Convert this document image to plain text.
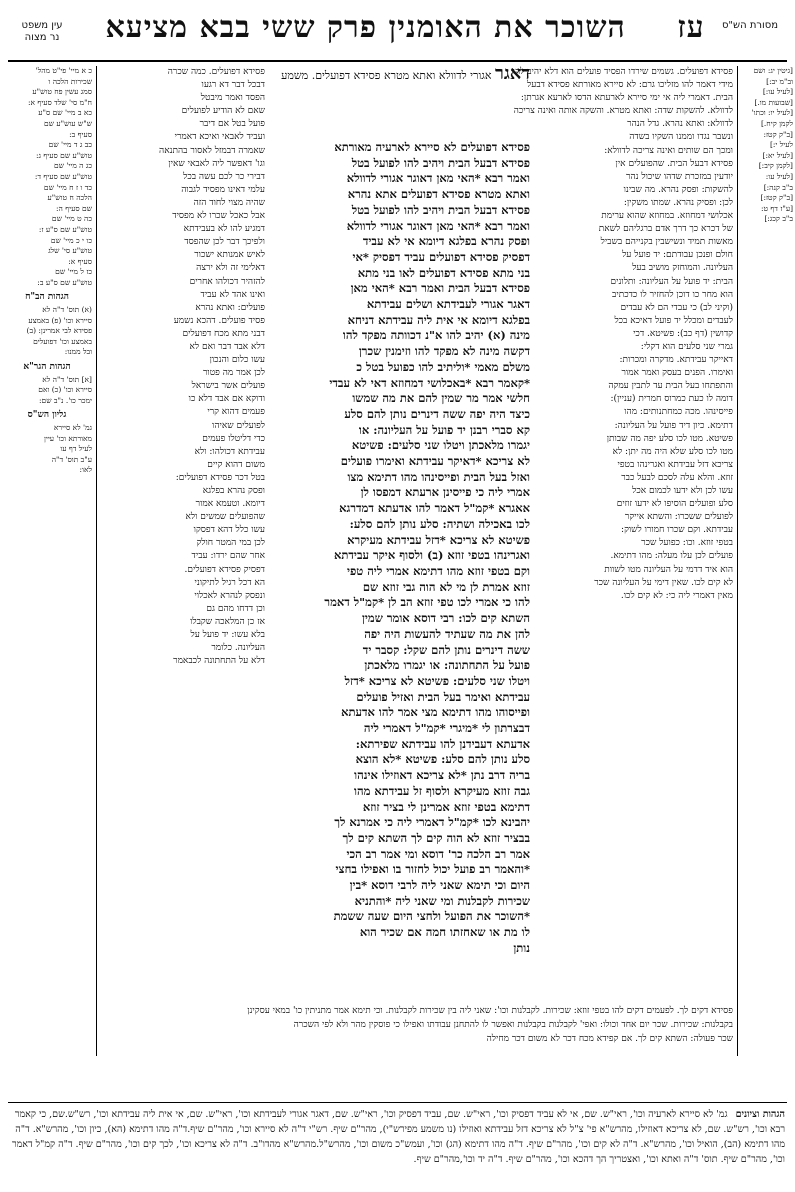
מסורת הש"ס
עז השוכר את האומנין פרק ששי בבא מציעא
עין משפט
נר מצוה
דאגר אגורי לדוולא ואתא מטרא פסידא דפועלים. משמע
פסידא דפועלים לא סיירא לארעיה מאורתא
פסידא דבעל הבית ויהיב להו לפועל בטל
ואמר רבא *האי מאן דאוגר אגורי לדוולא
ואתא מטרא פסידא דפועלים אתא נהרא
פסידא דבעל הבית ויהיב להו לפועל בטל
ואמר רבא *האי מאן דאוגר אגורי לדוולא
ופסק נהרא בפלגא דיומא אי לא עביד
דפסיק פסידא דפועלים עביד דפסיק *אי
בני מתא פסידא דפועלים לאו בני מתא
פסידא דבעל הבית ואמר רבא *האי מאן
דאגר אגורי לעבידתא ושלים עבידתא
בפלגא דיומא אי אית ליה עבידתא דניחא
מינה (א) יהיב להו א"נ דכוותה מפקד להו
דקשה מינה לא מפקד להו וזימנין שכרן
משלם מאמי *וליתיב להו כפועל בטל כ
*קאמר רבא *באכלושי דמחוזא דאי לא עבדי
חלשי אמר מר שמין להם את מה שמשו
כיצד היה יפה ששה דינרים נותן להם סלע
קא סברי רבנן יד פועל על העליונה: או
יגמרו מלאכתן ויטלו שני סלעים: פשיטא
לא צריכא *דאיקר עבידתא ואימרו פועלים
ואזל בעל הבית ופייסינהו מהו דתימא מצו
אמרי ליה כי פייסינן ארעתא דמפסו לן
אאגרא *קמ"ל דאמר להו אדעתא דמדרגא
לכו באכילה ושתיה: סלע נותן להם סלע:
פשיטא לא צריכא *דזל עבידתא מעיקרא
ואגרינהו בטפי זוזא (ב) ולסוף איקר עבידתא
וקם בטפי זוזא מהו דתימא אמרי ליה טפי
זוזא אמרת לן מי לא הוה גבי זוזא שם
להו כי אמרי לכו טפי זוזא הב לן *קמ"ל דאמר
השתא קים לכו: רבי דוסא אומר שמין
להן את מה שעתיד להעשות היה יפה
ששה דינרים נותן להם שקל: קסבר יד
פועל על התחתונה: או יגמרו מלאכתן
ויטלו שני סלעים: פשיטא לא צריכא *דזל
עבידתא ואימר בעל הבית ואזיל פועלים
ופייסוהו מהו דתימא מצי אמר להו אדעתא
דבצרתון לי *מיגרי *קמ"ל דאמרי ליה
אדעתא דעבידנן להו עבידתא שפירתא:
סלע נותן להם סלע: פשיטא *לא הוצא
בריה דרב נתן *לא צריכא דאוזילו אינהו
גבה זוזא מעיקרא ולסוף זל עבידתא מהו
דתימא בטפי זוזא אמרינן לי בציר זוזא
יהבינא לכו *קמ"ל דאמרי ליה כי אמרנא לך
בבציר זוזא לא הוה קים לך השתא קים לך
אמר רב הלכה כר' דוסא ומי אמר רב הכי
*והאמר רב פועל יכול לחזור בו ואפילו בחצי
היום וכי תימא שאני ליה לרבי דוסא *בין
שכירות לקבלנות ומי שאני ליה *והתניא
*השוכר את הפועל ולחצי היום שעה ששמת
לו מת או שאחזתו חמה אם שכיר הוא
נותן
פסידא דפועלים. גשמים שירדו הפסיד פועלים הוא דלא יהיב להו
מידי דאמר להו מזליכו גרם: לא סיירא מאורתא פסידא דבעל
הבית. דאמרי ליה אי ימי סיירא לארעתא הדסו לארעא אגרתן:
לדוולא. להשקות שדה: ואתא מטרא. והשקה אותה ואינה צריכה
לדוולא: ואתא נהרא. גדל הנהר
ונשבר נגדו וממנו השקיו בשדה
ומכך הם שותים ואינה צריכה לדוולא:
פסידא דבעל הבית. שהפועלים אין
יודעין במזכרת שדהו שיכול נהר
להשקות: ופסק נהרא. מה שבינו
לכן: ופסיק נהרא. שמתו משקין:
אכלושי דמחוזא. במחוזא שהוא ערימת
של דכרא כך דרך אדם ברגליהם לשאת
מאשות תמיד ונשישבין בקנייהם בשביל
חולם ופנכן עבודתם: יד פועל על
העליונה. והמוחזק מושיב בעל
הבית: יד פועל על העליונה: ותלונים
הוא מחר כו דוכן להחזיר לו כדכתיב
(וקיני לב) כי עבדי הם לא עבדים
לעבדים ומכלל יד פועל דאיכא בכל
קדושין (דף כב): פשיטא. דכי
גמרי שני סלעים הוא דקלי:
דאייקר עבידתא. מדקרה ומכרות:
ואימרו. הפנים בעסק ואמר אמור
והתפתחו בעל הבית עד לתבין עמקה
דומה לו כעת כמרוס חמרית (עניין):
פייסינהו. מכה כמחתנותים: מהו
דתימא. כיון דיד פועל על העליונה:
פשיטא. מטו לכו סלע יפה מה שבותן
מטו לכו סלע שלא היה מה יתן: לא
צריכא דזל עבידתא ואגרינהו בטפי
זוזא. והלא עלה לסכם לבעל כבר
עשו לכן ולא ידעו לכמום אכל
סלע ופועלים הוסיפו לא ידעו זוזים
לפועלים ששכרו: והשתא אייקר
עבידתא. וקם שכרו חמורו לשוק:
בטפי זוזא. וכו: כפועל שכר
פועלים לכן עלו מעלה: מהו דתימא.
הוא איד דדמי על העליונה מטו לשוות
לא קים לכו. שאין דימי על העליונה שכר
מאין דאמרי ליה כי: לא קים לכו.
פסידא דפועלים. כמה שכרה
דבכל דבר דא רגעו
הפסד ואמר מיבטל
שאם לא הודיע לפועלים
פועל בטל אם דיבר
ועביד לאבאי ואיכא דאמרי
שאמרה דבמזל לאסור בהתנאה
וגו' דאפשר ליה לאבאי שאין
דבירי כר לכם עשה בכל
עלמי דאינו מפסיד לגבוה
שהיה מצוי לחוד הזה
אבל כאכל שכרו לא מפסיד
דמגיע להו לא בעבידתא
ולפיכך דבר לכן שהפסד
לאיש אמנותא ישכור
דאלימי זה ולא ירצה
להזהיר דכולהו אחרים
ואינו אהד לא עביד
פועלים: ואתא נהרא
פסיד פועלים. דהכא נשמע
דבני מתא מכח דפועלים
דלא אבד דבר ואם לא
עשו כלום והנכון
לכן אמר מה פטור
פועלים אשר בישראל
ודוקא אם אבד דלא כו
פעמים דהוא קרי
לפועלים שאיהו
כדי דליטלו פעמים
עבידתא דכולהו: ולא
משום דהוא קיים
בטל דכר פסידא דפועלים:
ופסק נהרא בפלגא
דיומא. וטעמא אמור
שהפועלים שמשים ולא
עשו כלל דהא דפסקו
לכן במי המטר חולק
אחר שהם ירדו: עביד
דפסיק פסידא דפועלים.
הא דכל רגיל לתיקוני
ונפסק לנהרא לאכלוי
וכן דדחו מהם גם
אז כן המלאכה שקבלו
בלא עשו: יד פועל על
העליונה. כלומר
דלא על התחתונה לכבאמר
פסידא דקים לך. לפעמים דקים להו בטפי זוזא: שכירות. לקבלנות וכו': שאני ליה בין שכירות לקבלנות. וכי תימא אמר מתניתין כו' במאי עסקינן
בקבלנות: שכירות. שכר יום אחד וכולו: ואפי' לקבלנות בקבלנות ואפשר לו להתחנן עבודתו ואפילו כי פוסקין מהר ולא לפי השכרה
שכר פעולה: השתא קים לך. אם קפידא מכח דכר לא משום דכר מחילה
כ א מיי' פי"ט מהל'
שכירות הלכה ו
סמג עשין פח טוש"ע
ח"מ סי' שלד סעיף א:
כא ב מיי' שם ס"ע
ש"ש עוש"ע שם
סעיף ב:
כב ג ד מיי' שם
טוש"ע שם סעיף ג:
כג ה מיי' שם
טוש"ע שם סעיף ד:
כד ו ז ח מיי' שם
הלכה ח טוש"ע
שם סעיף ה:
כה ט מיי' שם
טוש"ע שם ס"ע ז:
כו י כ מיי' שם
טוש"ע סי' שלג
סעיף א:
כז ל מיי' שם
טוש"ע שם ס"ע ב:
הגהות הב"ח
(א) תוס' ד"ה לא
סיירא וכו' (פ) באמצע
פסידא לבי אמרינן: (ב)
באמצע וכו' דפועלים
ובל ממנו:
הגהות הגר"א
[א] תוס' ד"ה לא
סיירא וכו' (כ) ואם
ימכר כו'. נ"ב שם:
גליון הש"ס
גמ' לא סיירא
מאורתא וכו' עיין
לעיל דף עו
ע"ב תוס' ד"ה
לאו:
[גיטין יג: ושם
וב"מ יב:]
[לעיל עו:]
[שבועות מו.]
[לעיל יו: וכתו'
לקמן קיח.]
[ב"ק קטז:
לעיל י:]
[לעיל יא:]
[לקמן קיב:]
[לעיל עו:
ב"ב קנה:]
[ב"ק קטז:]
[ע"ז דף ט:
ב"ב קכג:]
הגהות וציונים
גמ' לא סיירא לארעיה וכו', ראי"ש. שם, אי לא עביד דפסיק וכו', ראי"ש. שם, עביד דפסיק וכו', ראי"ש. שם, דאגר אגורי לעבידתא וכו', ראי"ש. שם, אי אית ליה עבידתא וכו', רש"ש.שם, כי קאמר רבא וכו', רש"ש. שם, לא צריכא דאוזילו, מהרש"א פי' צ"ל לא צריכא דזל עבידתא ואוזילו (נו משמע מפירש"י), מהר"ם שיף. רש"י ד"ה לא סיירא וכו', מהר"ם שיף.ד"ה מהו דתימא (הא), כיון וכו', מהרש"א. ד"ה מהו דתימא (הב), הואיל וכו', מהרש"א. ד"ה לא קים וכו', מהר"ם שיף. ד"ה מהו דתימא (הג) וכו', ועמש"כ משום וכו', מהרש"ל.מהרש"א מהדו"ב. ד"ה לא צריכא וכו', לכך קים וכו', מהר"ם שיף. ד"ה קמ"ל דאמר וכו', מהר"ם שיף. תוס' ד"ה ואתא וכו', ואצטריך הך דהכא וכו', מהר"ם שיף. ד"ה יד וכו',מהר"ם שיף.
